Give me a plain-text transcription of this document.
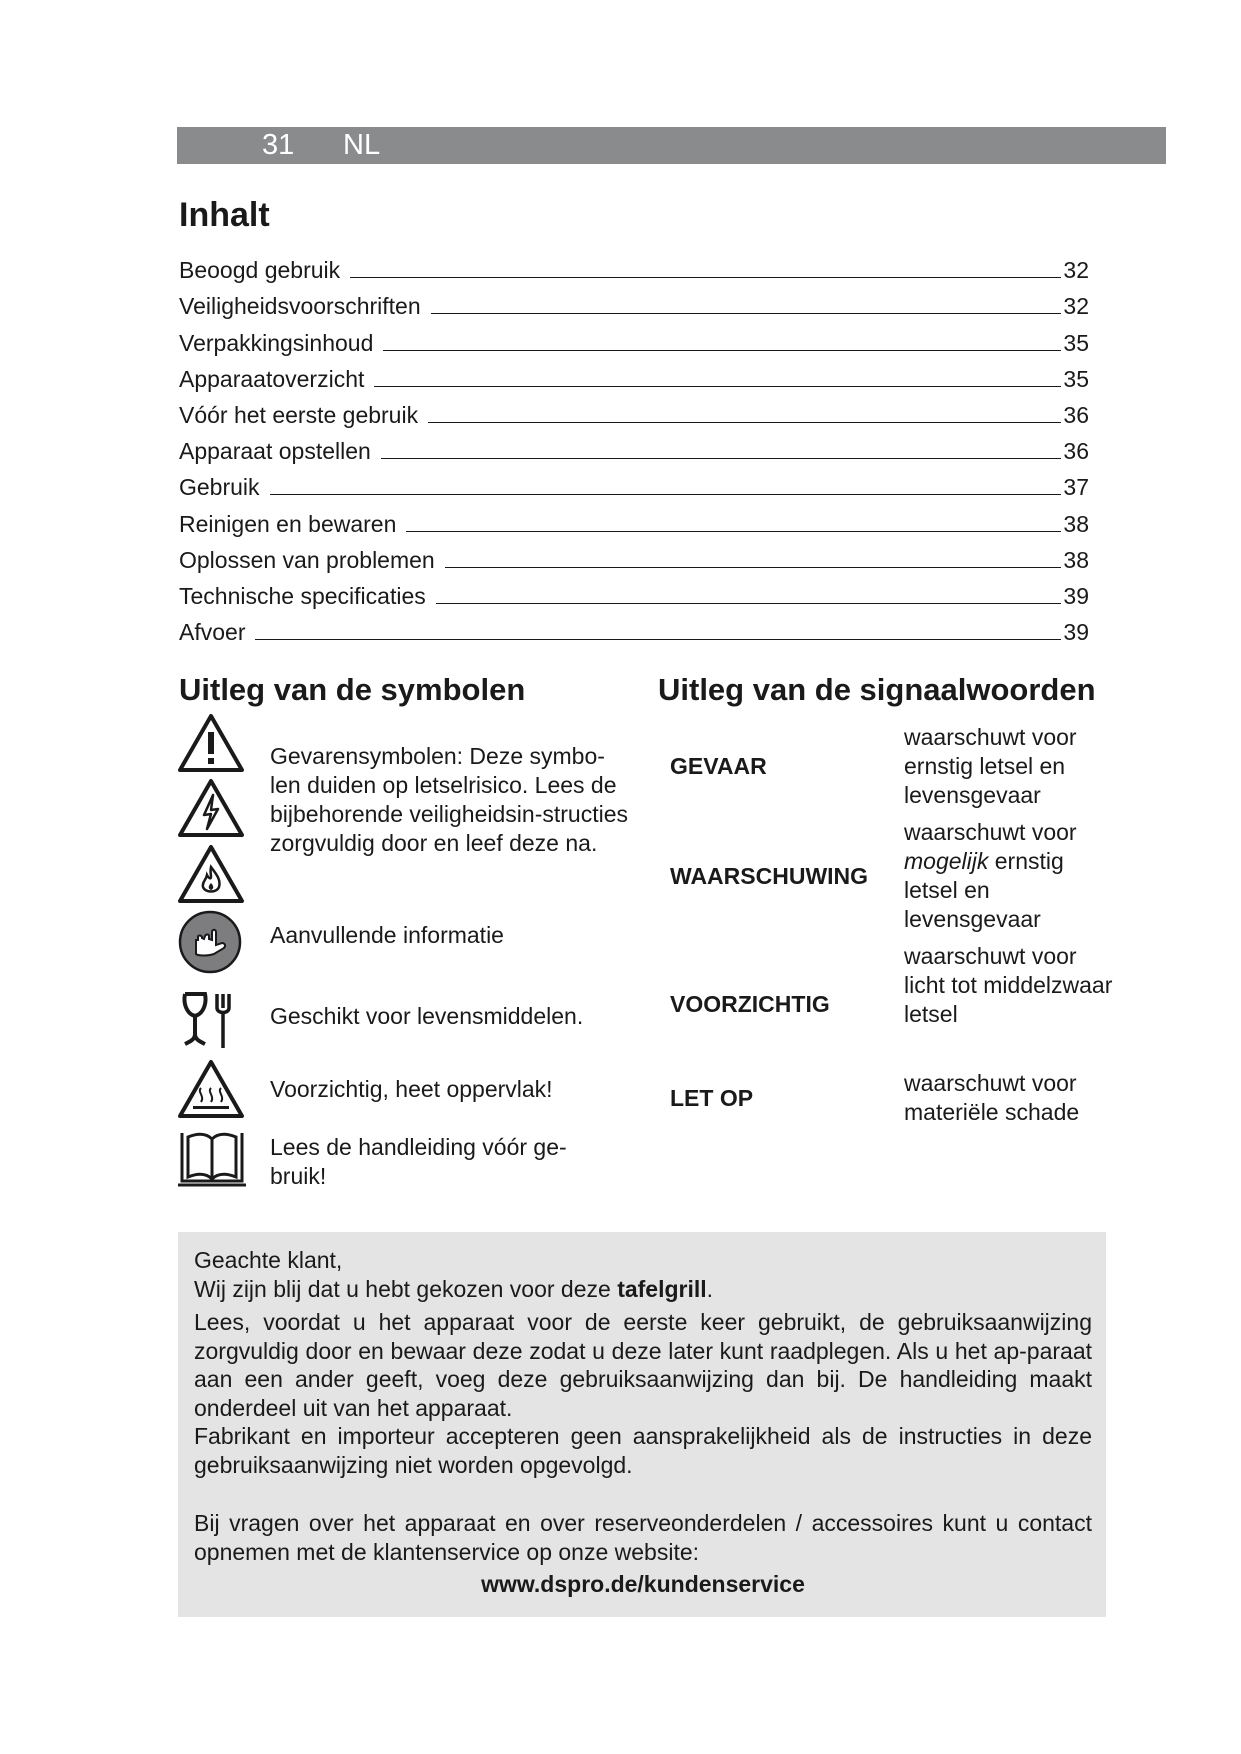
31 NL
Inhalt
Beoogd gebruik	32
Veiligheidsvoorschriften	32
Verpakkingsinhoud	35
Apparaatoverzicht	35
Vóór het eerste gebruik	36
Apparaat opstellen	36
Gebruik	37
Reinigen en bewaren	38
Oplossen van problemen	38
Technische specificaties	39
Afvoer	39
Uitleg van de symbolen	Uitleg van de signaalwoorden
Gevarensymbolen: Deze symbo-len duiden op letselrisico. Lees de bijbehorende veiligheidsin-structies zorgvuldig door en leef deze na.
Aanvullende informatie
Geschikt voor levensmiddelen.
Voorzichtig, heet oppervlak!
Lees de handleiding vóór ge-bruik!
GEVAAR
waarschuwt voor ernstig letsel en levensgevaar
WAARSCHUWING
waarschuwt voor mogelijk ernstig letsel en levensgevaar
VOORZICHTIG
waarschuwt voor licht tot middelzwaar letsel
LET OP
waarschuwt voor materiële schade

Geachte klant,

Wij zijn blij dat u hebt gekozen voor deze tafelgrill.

Lees, voordat u het apparaat voor de eerste keer gebruikt, de gebruiksaanwijzing zorgvuldig door en bewaar deze zodat u deze later kunt raadplegen. Als u het ap-paraat aan een ander geeft, voeg deze gebruiksaanwijzing dan bij. De handleiding maakt onderdeel uit van het apparaat.

Fabrikant en importeur accepteren geen aansprakelijkheid als de instructies in deze gebruiksaanwijzing niet worden opgevolgd.

Bij vragen over het apparaat en over reserveonderdelen / accessoires kunt u contact opnemen met de klantenservice op onze website:

www.dspro.de/kundenservice
